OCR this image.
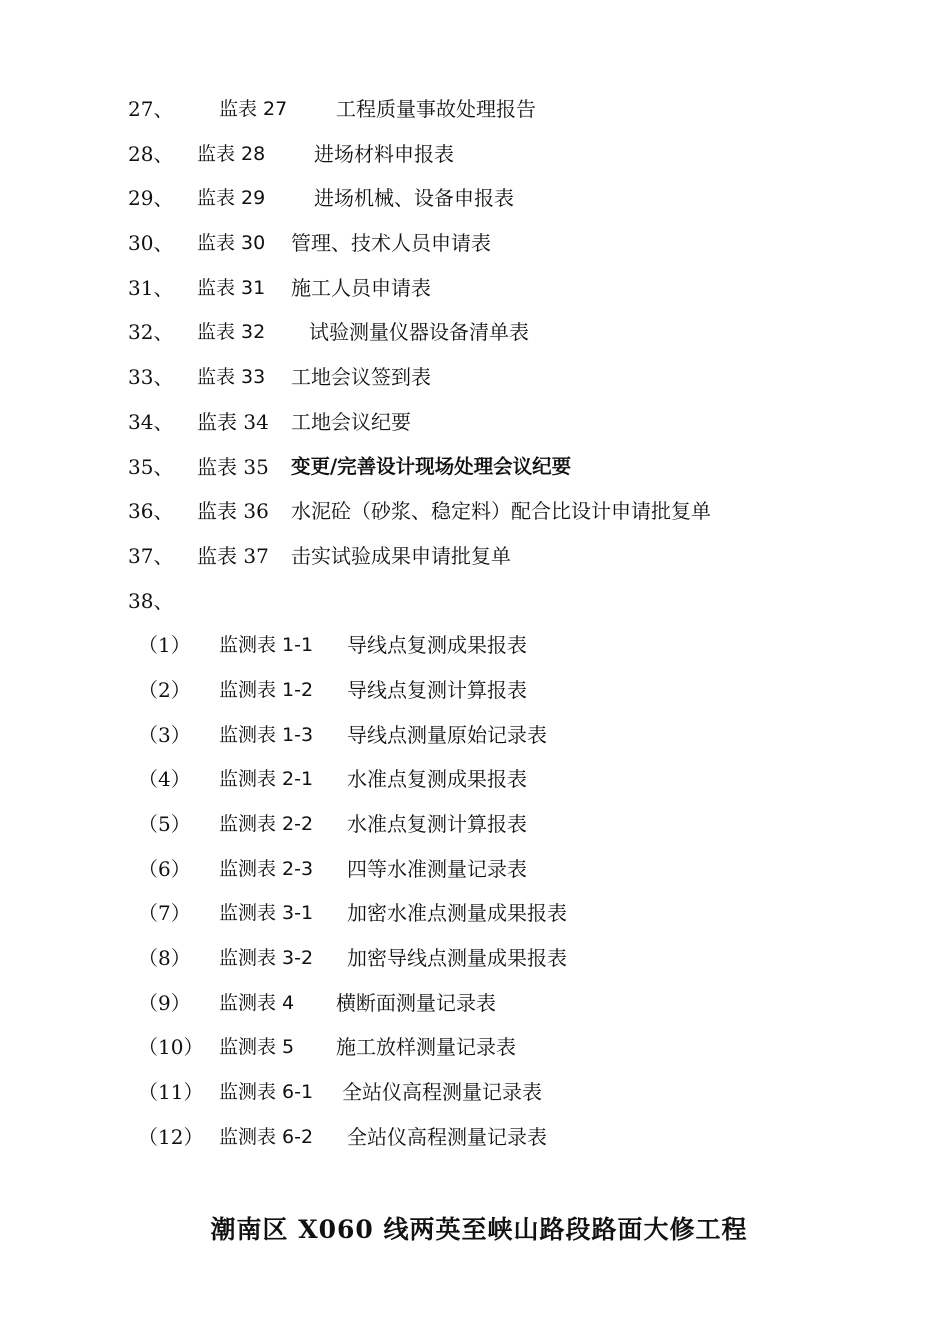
27、 监表 27 工程质量事故处理报告
28、 监表 28 进场材料申报表
29、 监表 29 进场机械、设备申报表
30、 监表 30 管理、技术人员申请表
31、 监表 31 施工人员申请表
32、 监表 32 试验测量仪器设备清单表
33、 监表 33 工地会议签到表
34、 监表 34 工地会议纪要
35、 监表 35 变更/完善设计现场处理会议纪要
36、 监表 36 水泥砼（砂浆、稳定料）配合比设计申请批复单
37、 监表 37 击实试验成果申请批复单
38、
（1） 监测表 1-1 导线点复测成果报表
（2） 监测表 1-2 导线点复测计算报表
（3） 监测表 1-3 导线点测量原始记录表
（4） 监测表 2-1 水准点复测成果报表
（5） 监测表 2-2 水准点复测计算报表
（6） 监测表 2-3 四等水准测量记录表
（7） 监测表 3-1 加密水准点测量成果报表
（8） 监测表 3-2 加密导线点测量成果报表
（9） 监测表 4 横断面测量记录表
（10） 监测表 5 施工放样测量记录表
（11） 监测表 6-1 全站仪高程测量记录表
（12） 监测表 6-2 全站仪高程测量记录表
潮南区 X060 线两英至峡山路段路面大修工程
